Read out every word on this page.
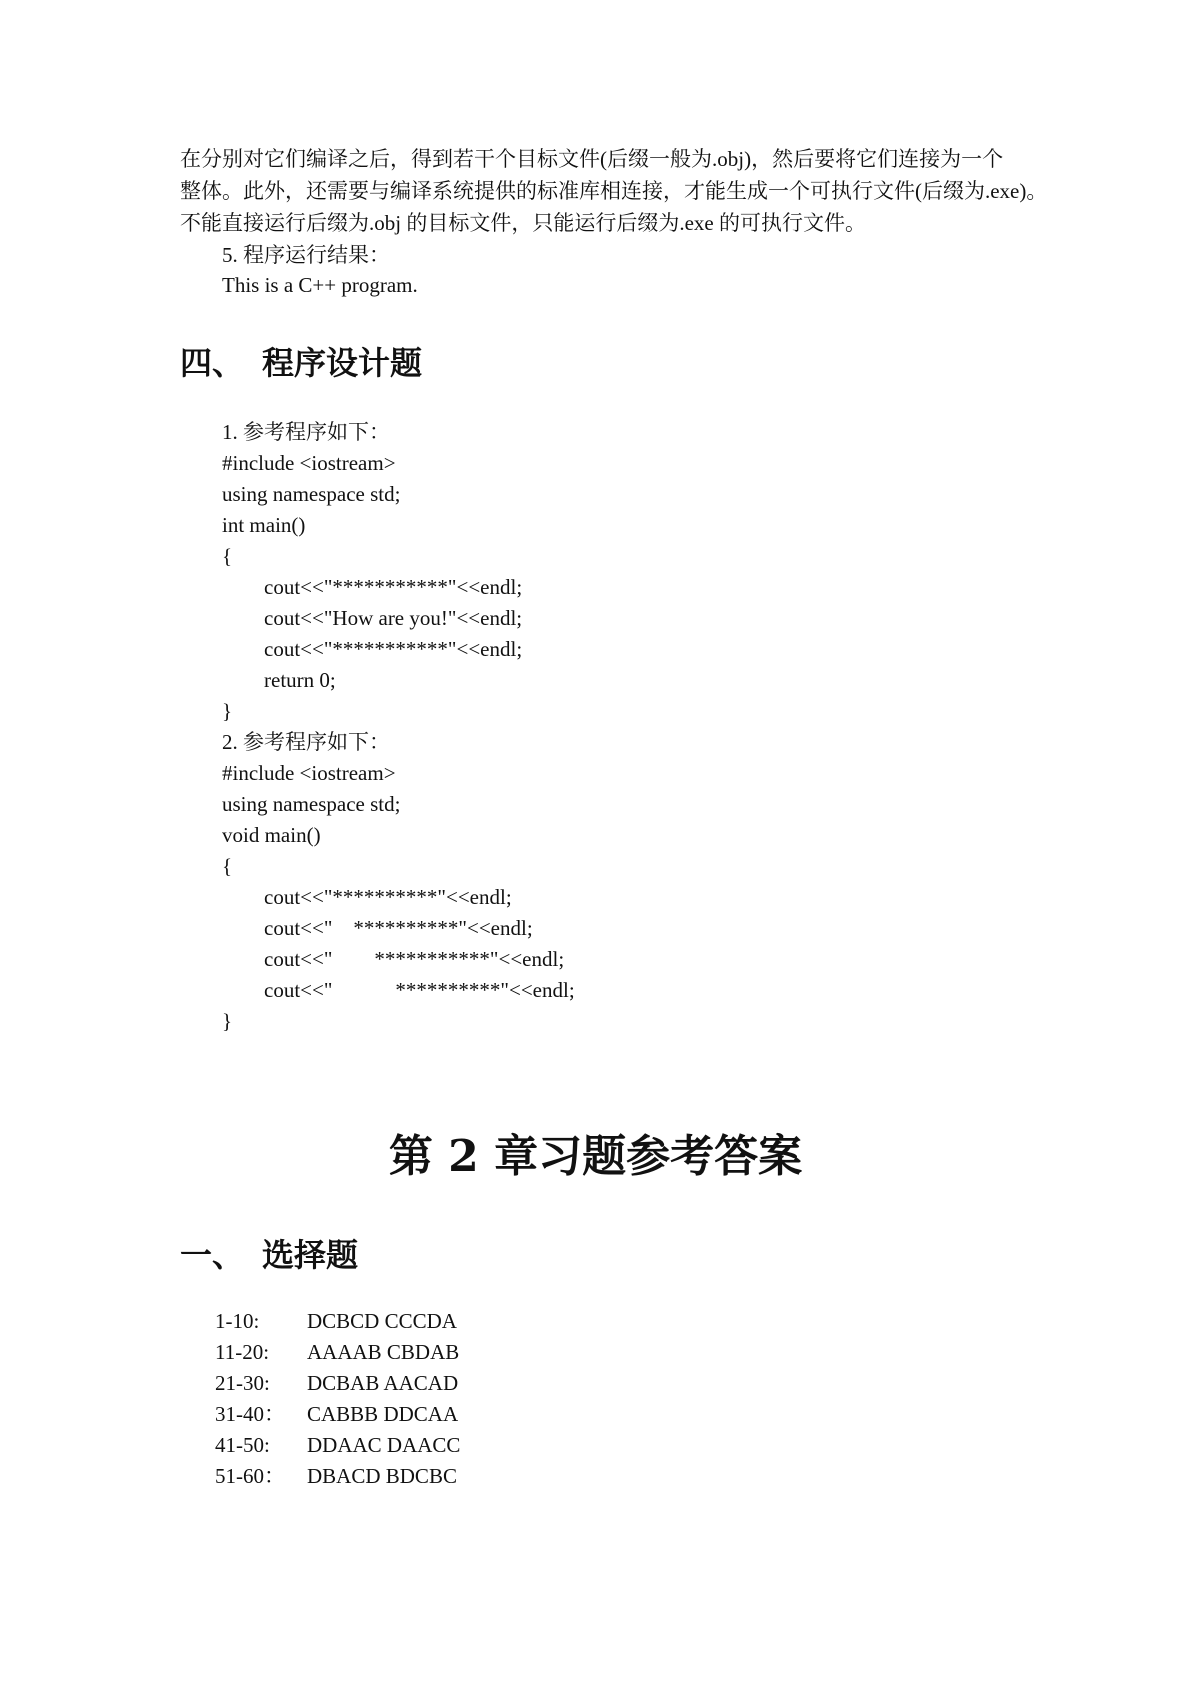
在分别对它们编译之后，得到若干个目标文件(后缀一般为.obj)，然后要将它们连接为一个
整体。此外，还需要与编译系统提供的标准库相连接，才能生成一个可执行文件(后缀为.exe)。
不能直接运行后缀为.obj 的目标文件，只能运行后缀为.exe 的可执行文件。
5. 程序运行结果：
This is a C++ program.
四、 程序设计题
1. 参考程序如下：
#include <iostream>
using namespace std;
int main()
{
cout<<"***********"<<endl;
cout<<"How are you!"<<endl;
cout<<"***********"<<endl;
return 0;
}
2. 参考程序如下：
#include <iostream>
using namespace std;
void main()
{
cout<<"**********"<<endl;
cout<<"    **********"<<endl;
cout<<"        ***********"<<endl;
cout<<"            **********"<<endl;
}
第 2 章习题参考答案
一、 选择题
1-10: DCBCD CCCDA
11-20: AAAAB CBDAB
21-30: DCBAB AACAD
31-40： CABBB DDCAA
41-50: DDAAC DAACC
51-60： DBACD BDCBC
